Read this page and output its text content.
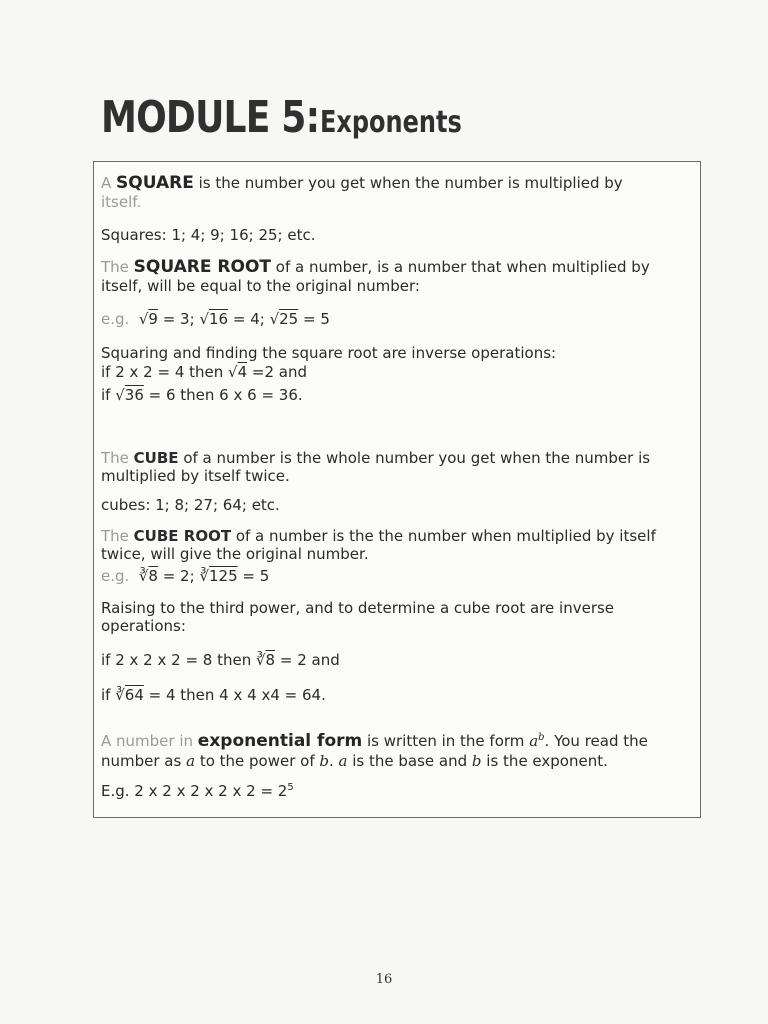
MODULE 5: Exponents

A SQUARE is the number you get when the number is multiplied by

itself.

Squares: 1; 4; 9; 16; 25; etc.

The SQUARE ROOT of a number, is a number that when multiplied by

itself, will be equal to the original number:

e.g.  √9 = 3; √16 = 4; √25 = 5

Squaring and finding the square root are inverse operations:

if 2 x 2 = 4 then √4 =2 and

if √36 = 6 then 6 x 6 = 36.

The CUBE of a number is the whole number you get when the number is

multiplied by itself twice.

cubes: 1; 8; 27; 64; etc.

The CUBE ROOT of a number is the the number when multiplied by itself

twice, will give the original number.

e.g.  ∛8 = 2; ∛125 = 5

Raising to the third power, and to determine a cube root are inverse

operations:

if 2 x 2 x 2 = 8 then ∛8 = 2 and

if ∛64 = 4 then 4 x 4 x4 = 64.

A number in exponential form is written in the form $a^b$. You read the

number as a to the power of b. a is the base and b is the exponent.

E.g. 2 x 2 x 2 x 2 x $2 = 2^5$

16
